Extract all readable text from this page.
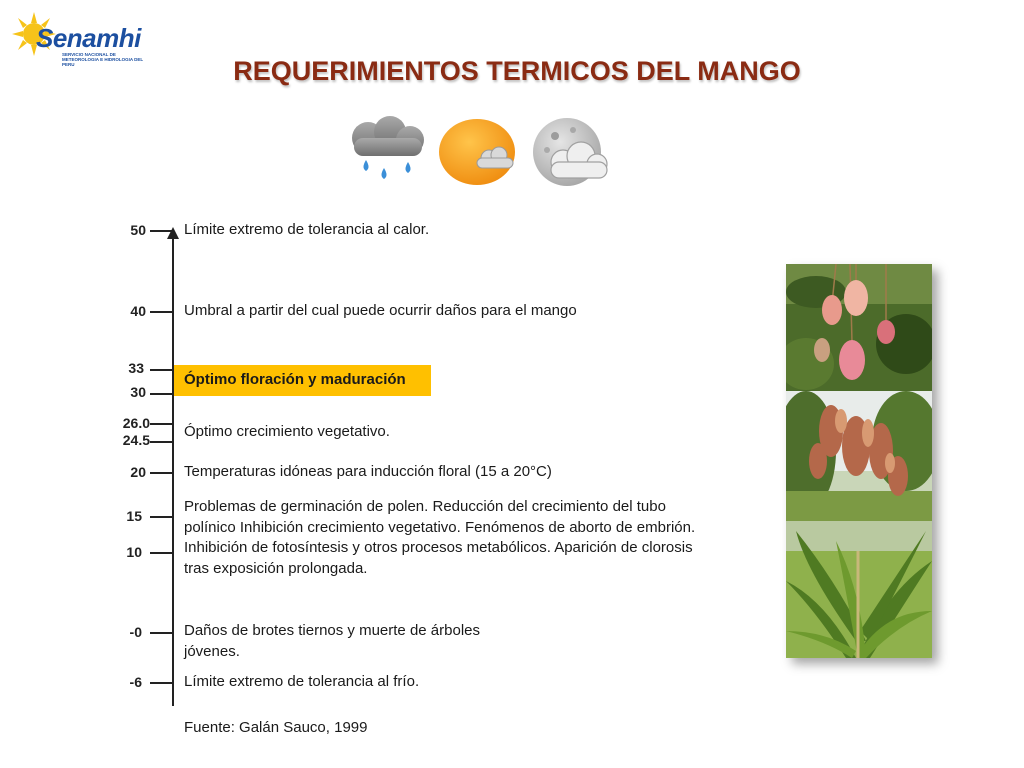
Senamhi
SERVICIO NACIONAL DE METEOROLOGIA E HIDROLOGIA DEL PERU	REQUERIMIENTOS TERMICOS DEL MANGO
50
40
33
30
26.0
24.5
20
15
10
-0
-6
Límite extremo de tolerancia al calor.
Umbral a partir del cual puede ocurrir daños para el mango
Óptimo floración y maduración
Óptimo crecimiento vegetativo.
Temperaturas idóneas para inducción floral (15 a 20°C)
Problemas de germinación de polen. Reducción del crecimiento del tubo
polínico Inhibición crecimiento vegetativo. Fenómenos de aborto de embrión.
Inhibición de fotosíntesis y otros procesos metabólicos. Aparición de clorosis
tras exposición prolongada.
Daños de brotes tiernos y muerte de árboles
jóvenes.
Límite extremo de tolerancia al frío.
Fuente: Galán Sauco, 1999
